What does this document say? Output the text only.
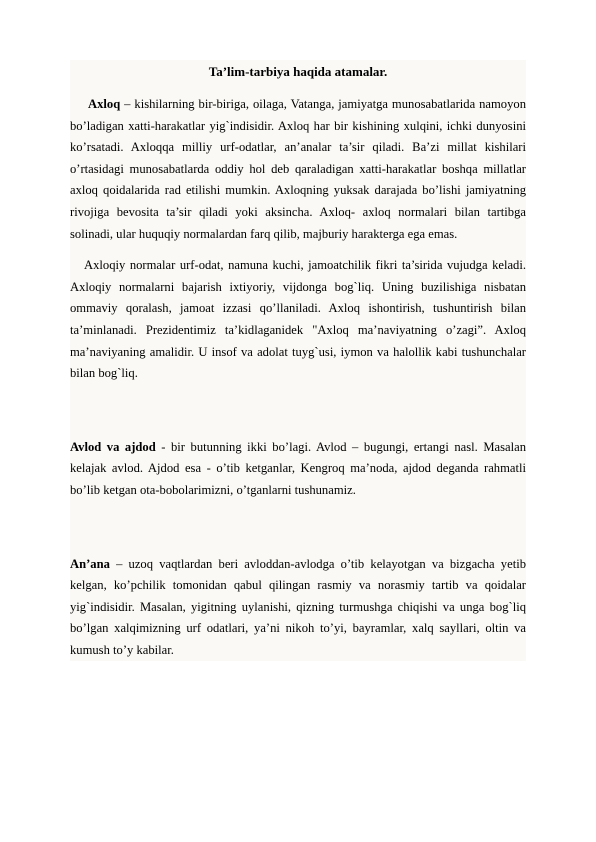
Ta’lim-tarbiya haqida atamalar.

Axloq – kishilarning bir-biriga, oilaga, Vatanga, jamiyatga munosabatlarida namoyon bo’ladigan xatti-harakatlar yig`indisidir. Axloq har bir kishining xulqini, ichki dunyosini ko’rsatadi. Axloqqa milliy urf-odatlar, an’analar ta’sir qiladi. Ba’zi millat kishilari o’rtasidagi munosabatlarda oddiy hol deb qaraladigan xatti-harakatlar boshqa millatlar axloq qoidalarida rad etilishi mumkin. Axloqning yuksak darajada bo’lishi jamiyatning rivojiga bevosita ta’sir qiladi yoki aksincha. Axloq- axloq normalari bilan tartibga solinadi, ular huquqiy normalardan farq qilib, majburiy harakterga ega emas.

Axloqiy normalar urf-odat, namuna kuchi, jamoatchilik fikri ta’sirida vujudga keladi. Axloqiy normalarni bajarish ixtiyoriy, vijdonga bog`liq. Uning buzilishiga nisbatan ommaviy qoralash, jamoat izzasi qo’llaniladi. Axloq ishontirish, tushuntirish bilan ta’minlanadi. Prezidentimiz ta’kidlaganidek "Axloq ma’naviyatning o’zagi”. Axloq ma’naviyaning amalidir. U insof va adolat tuyg`usi, iymon va halollik kabi tushunchalar bilan bog`liq.

Avlod va ajdod - bir butunning ikki bo’lagi. Avlod – bugungi, ertangi nasl. Masalan kelajak avlod. Ajdod esa - o’tib ketganlar, Kengroq ma’noda, ajdod deganda rahmatli bo’lib ketgan ota-bobolarimizni, o’tganlarni tushunamiz.

An’ana – uzoq vaqtlardan beri avloddan-avlodga o’tib kelayotgan va bizgacha yetib kelgan, ko’pchilik tomonidan qabul qilingan rasmiy va norasmiy tartib va qoidalar yig`indisidir. Masalan, yigitning uylanishi, qizning turmushga chiqishi va unga bog`liq bo’lgan xalqimizning urf odatlari, ya’ni nikoh to’yi, bayramlar, xalq sayllari, oltin va kumush to’y kabilar.
